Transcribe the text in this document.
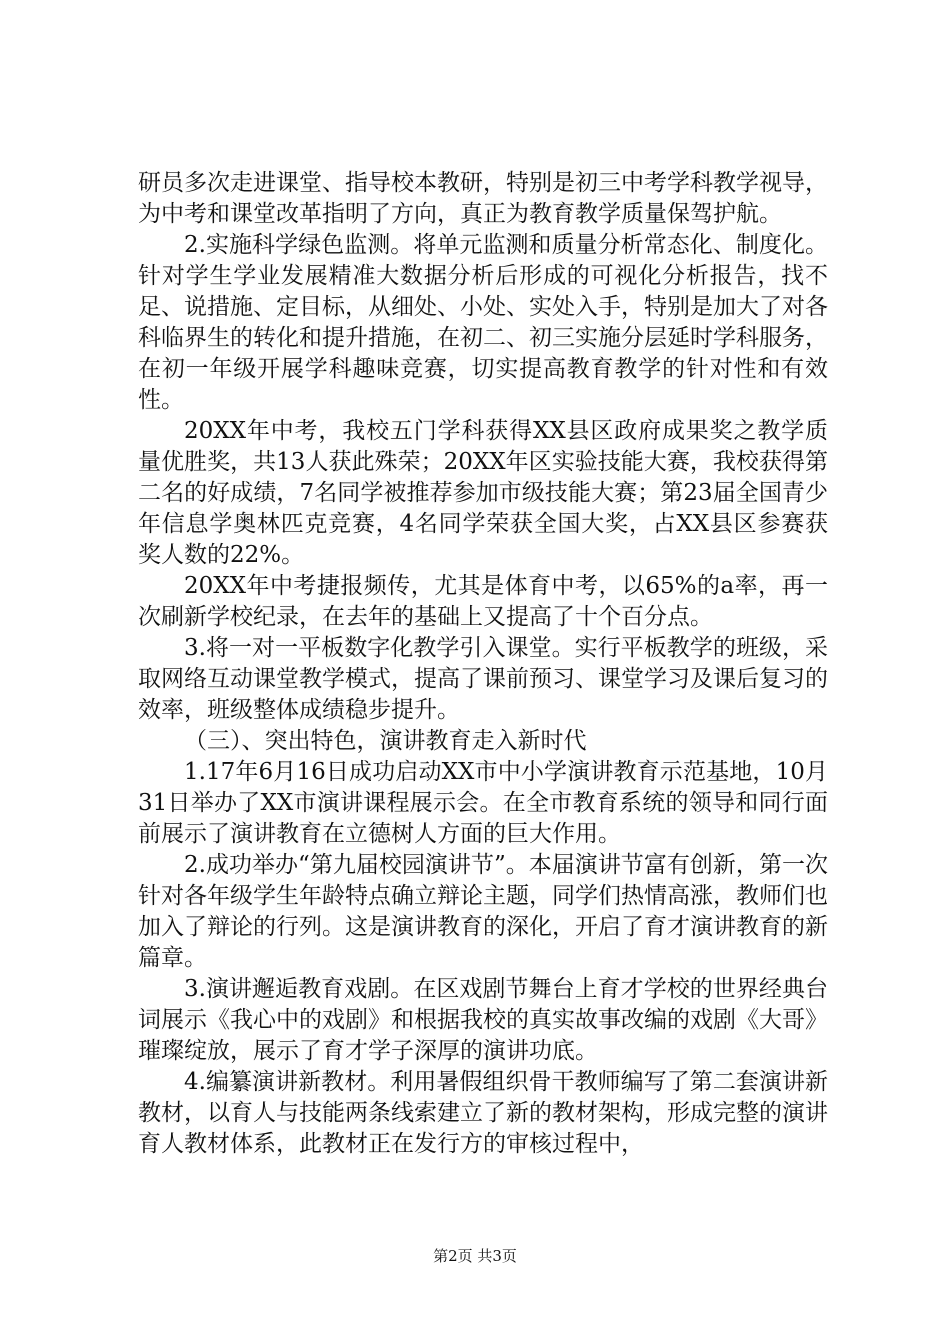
研员多次走进课堂、指导校本教研，特别是初三中考学科教学视导，为中考和课堂改革指明了方向，真正为教育教学质量保驾护航。

2.实施科学绿色监测。将单元监测和质量分析常态化、制度化。针对学生学业发展精准大数据分析后形成的可视化分析报告，找不足、说措施、定目标，从细处、小处、实处入手，特别是加大了对各科临界生的转化和提升措施，在初二、初三实施分层延时学科服务，在初一年级开展学科趣味竞赛，切实提高教育教学的针对性和有效性。

20XX年中考，我校五门学科获得XX县区政府成果奖之教学质量优胜奖，共13人获此殊荣；20XX年区实验技能大赛，我校获得第二名的好成绩，7名同学被推荐参加市级技能大赛；第23届全国青少年信息学奥林匹克竞赛，4名同学荣获全国大奖，占XX县区参赛获奖人数的22%。

20XX年中考捷报频传，尤其是体育中考，以65%的a率，再一次刷新学校纪录，在去年的基础上又提高了十个百分点。

3.将一对一平板数字化教学引入课堂。实行平板教学的班级，采取网络互动课堂教学模式，提高了课前预习、课堂学习及课后复习的效率，班级整体成绩稳步提升。

（三）、突出特色，演讲教育走入新时代

1.17年6月16日成功启动XX市中小学演讲教育示范基地，10月31日举办了XX市演讲课程展示会。在全市教育系统的领导和同行面前展示了演讲教育在立德树人方面的巨大作用。

2.成功举办“第九届校园演讲节”。本届演讲节富有创新，第一次针对各年级学生年龄特点确立辩论主题，同学们热情高涨，教师们也加入了辩论的行列。这是演讲教育的深化，开启了育才演讲教育的新篇章。

3.演讲邂逅教育戏剧。在区戏剧节舞台上育才学校的世界经典台词展示《我心中的戏剧》和根据我校的真实故事改编的戏剧《大哥》璀璨绽放，展示了育才学子深厚的演讲功底。

4.编纂演讲新教材。利用暑假组织骨干教师编写了第二套演讲新教材，以育人与技能两条线索建立了新的教材架构，形成完整的演讲育人教材体系，此教材正在发行方的审核过程中，

第2页 共3页
